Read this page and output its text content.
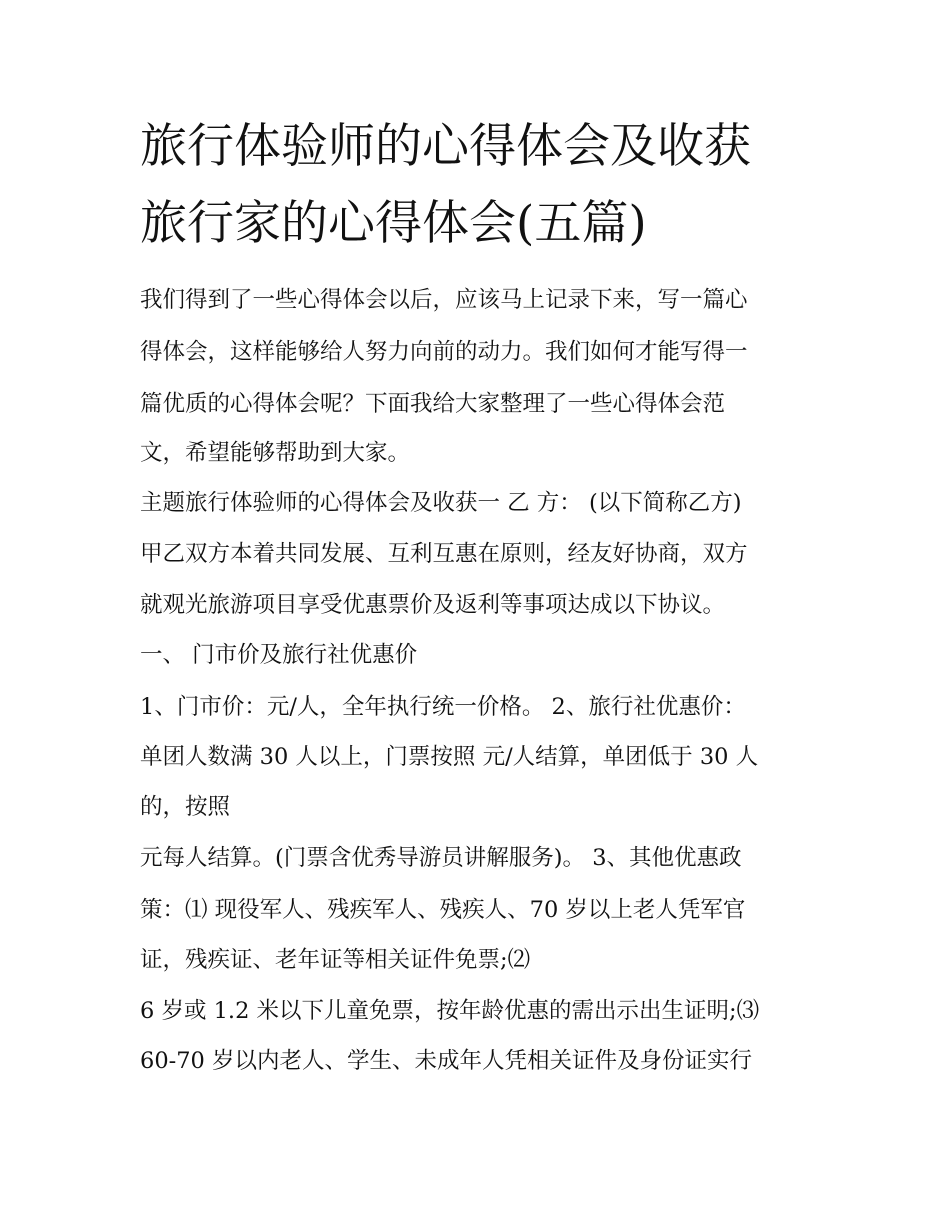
旅行体验师的心得体会及收获
旅行家的心得体会(五篇)
我们得到了一些心得体会以后，应该马上记录下来，写一篇心
得体会，这样能够给人努力向前的动力。我们如何才能写得一
篇优质的心得体会呢？下面我给大家整理了一些心得体会范
文，希望能够帮助到大家。
主题旅行体验师的心得体会及收获一 乙 方： (以下简称乙方)
甲乙双方本着共同发展、互利互惠在原则，经友好协商，双方
就观光旅游项目享受优惠票价及返利等事项达成以下协议。
一、 门市价及旅行社优惠价
1、门市价：元/人，全年执行统一价格。 2、旅行社优惠价：
单团人数满 30 人以上，门票按照 元/人结算，单团低于 30 人
的，按照
元每人结算。(门票含优秀导游员讲解服务)。 3、其他优惠政
策：⑴ 现役军人、残疾军人、残疾人、70 岁以上老人凭军官
证，残疾证、老年证等相关证件免票;⑵
6 岁或 1.2 米以下儿童免票，按年龄优惠的需出示出生证明;⑶
60-70 岁以内老人、学生、未成年人凭相关证件及身份证实行
